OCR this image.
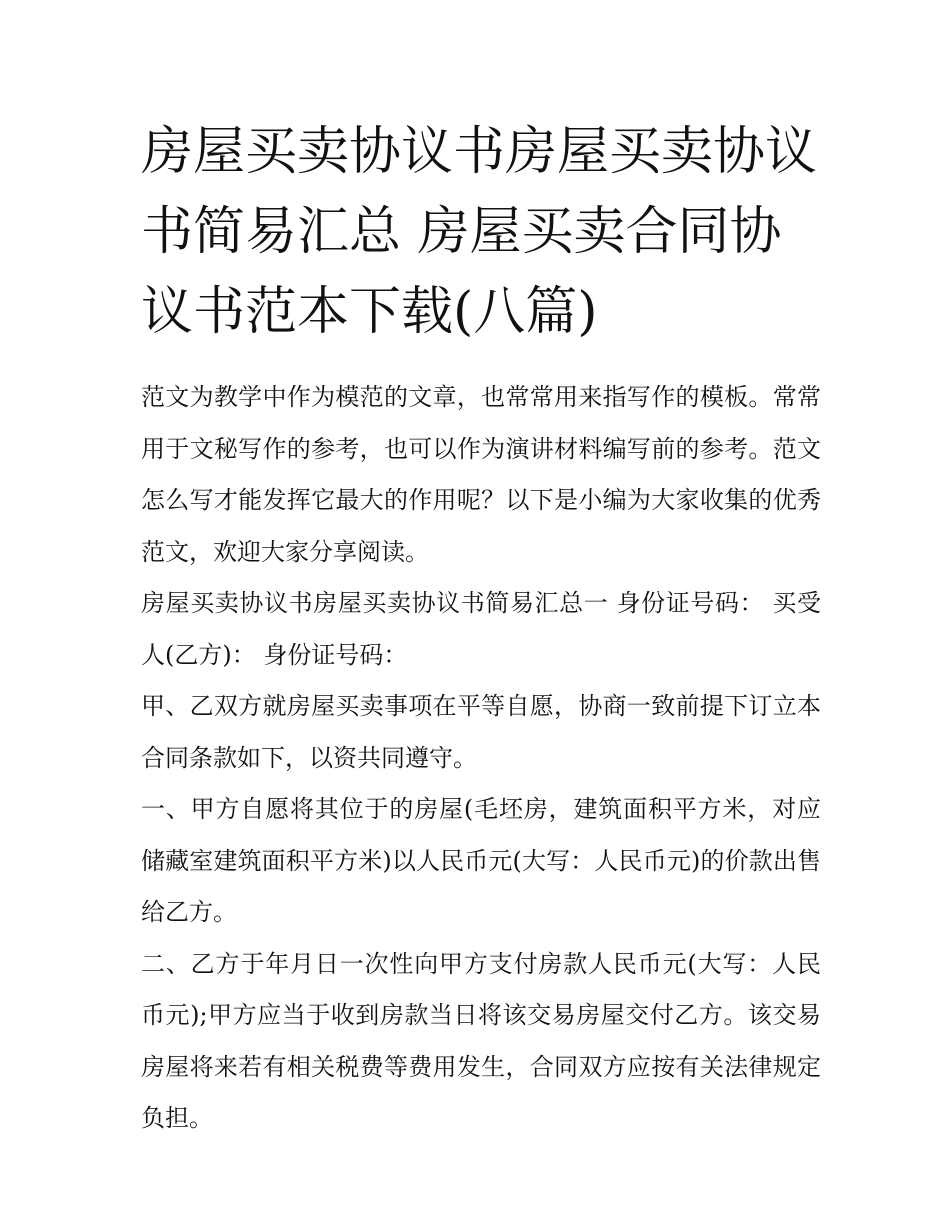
房屋买卖协议书房屋买卖协议书简易汇总 房屋买卖合同协议书范本下载(八篇)

范文为教学中作为模范的文章，也常常用来指写作的模板。常常用于文秘写作的参考，也可以作为演讲材料编写前的参考。范文怎么写才能发挥它最大的作用呢？以下是小编为大家收集的优秀范文，欢迎大家分享阅读。

房屋买卖协议书房屋买卖协议书简易汇总一 身份证号码： 买受人(乙方)： 身份证号码：

甲、乙双方就房屋买卖事项在平等自愿，协商一致前提下订立本合同条款如下，以资共同遵守。

一、甲方自愿将其位于的房屋(毛坯房，建筑面积平方米，对应储藏室建筑面积平方米)以人民币元(大写：人民币元)的价款出售给乙方。

二、乙方于年月日一次性向甲方支付房款人民币元(大写：人民币元);甲方应当于收到房款当日将该交易房屋交付乙方。该交易房屋将来若有相关税费等费用发生，合同双方应按有关法律规定负担。
